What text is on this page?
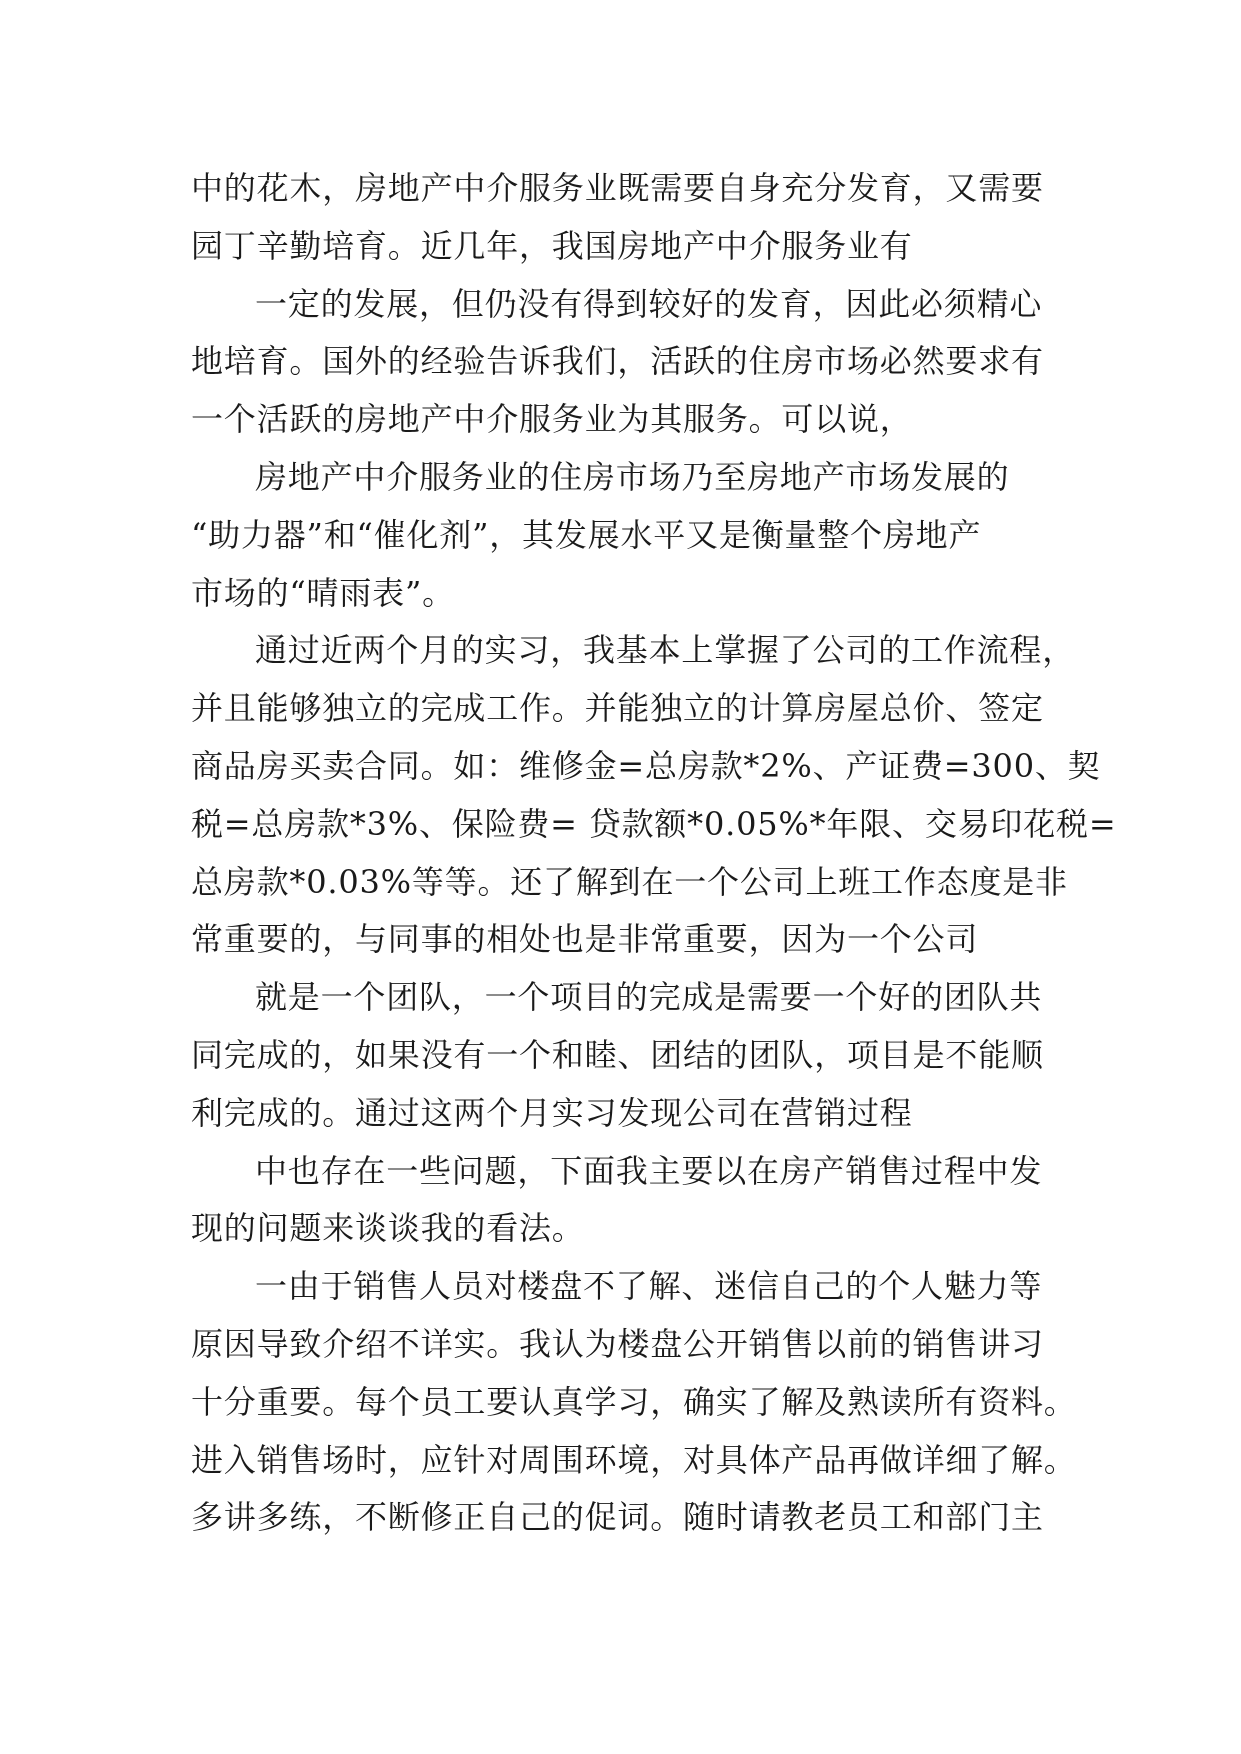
中的花木，房地产中介服务业既需要自身充分发育，又需要
园丁辛勤培育。近几年，我国房地产中介服务业有
一定的发展，但仍没有得到较好的发育，因此必须精心
地培育。国外的经验告诉我们，活跃的住房市场必然要求有
一个活跃的房地产中介服务业为其服务。可以说，
房地产中介服务业的住房市场乃至房地产市场发展的
“助力器”和“催化剂”，其发展水平又是衡量整个房地产
市场的“晴雨表”。
通过近两个月的实习，我基本上掌握了公司的工作流程，
并且能够独立的完成工作。并能独立的计算房屋总价、签定
商品房买卖合同。如：维修金=总房款*2%、产证费=300、契
税=总房款*3%、保险费= 贷款额*0.05%*年限、交易印花税=
总房款*0.03%等等。还了解到在一个公司上班工作态度是非
常重要的，与同事的相处也是非常重要，因为一个公司
就是一个团队，一个项目的完成是需要一个好的团队共
同完成的，如果没有一个和睦、团结的团队，项目是不能顺
利完成的。通过这两个月实习发现公司在营销过程
中也存在一些问题，下面我主要以在房产销售过程中发
现的问题来谈谈我的看法。
一由于销售人员对楼盘不了解、迷信自己的个人魅力等
原因导致介绍不详实。我认为楼盘公开销售以前的销售讲习
十分重要。每个员工要认真学习，确实了解及熟读所有资料。
进入销售场时，应针对周围环境，对具体产品再做详细了解。
多讲多练，不断修正自己的促词。随时请教老员工和部门主
